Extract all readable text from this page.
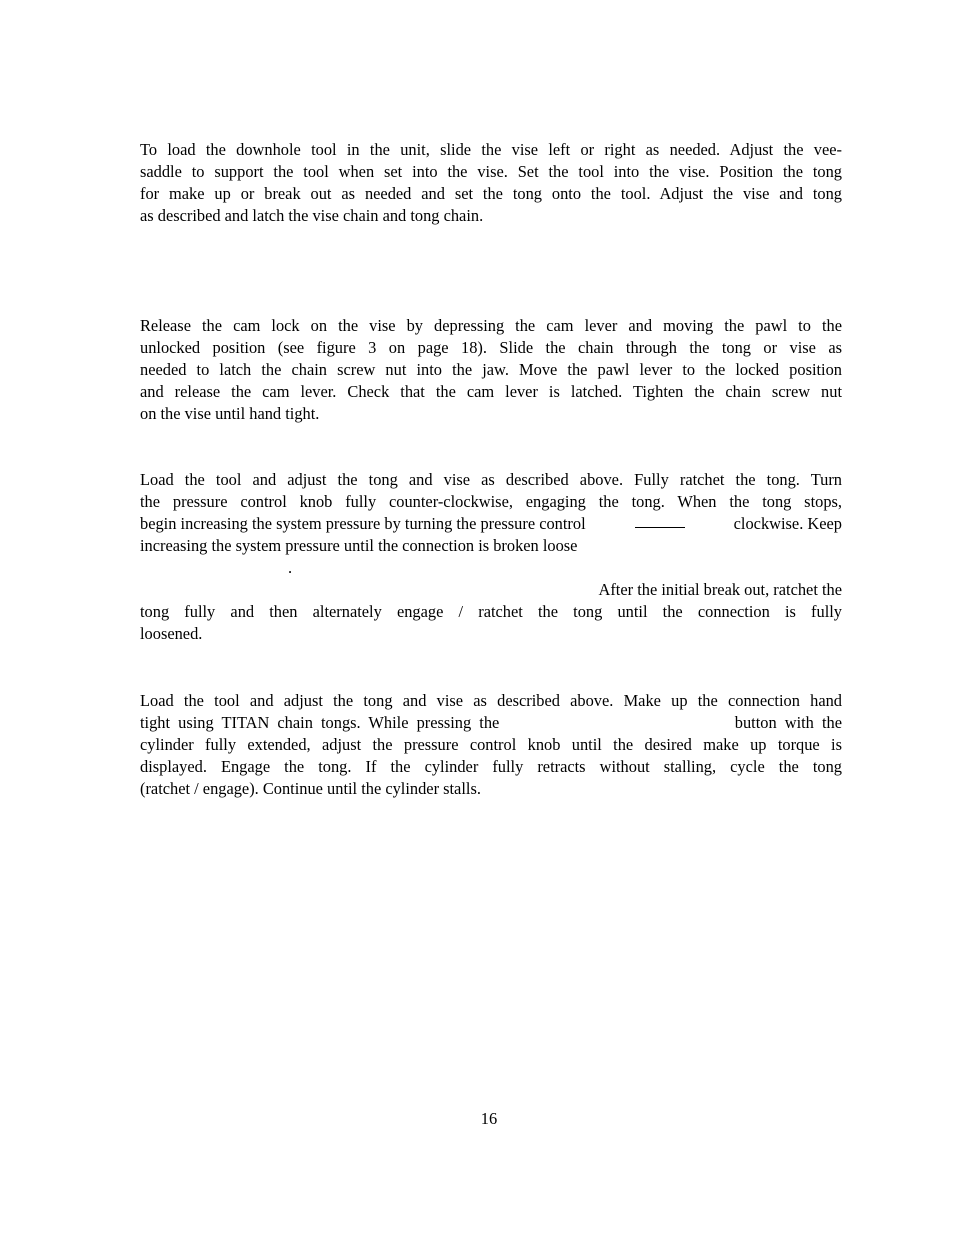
To load the downhole tool in the unit, slide the vise left or right as needed. Adjust the vee-
saddle to support the tool when set into the vise. Set the tool into the vise. Position the tong
for make up or break out as needed and set the tong onto the tool. Adjust the vise and tong
as described and latch the vise chain and tong chain.
Release the cam lock on the vise by depressing the cam lever and moving the pawl to the
unlocked position (see figure 3 on page 18). Slide the chain through the tong or vise as
needed to latch the chain screw nut into the jaw. Move the pawl lever to the locked position
and release the cam lever. Check that the cam lever is latched. Tighten the chain screw nut
on the vise until hand tight.
Load the tool and adjust the tong and vise as described above. Fully ratchet the tong. Turn
the pressure control knob fully counter-clockwise, engaging the tong. When the tong stops,
begin increasing the system pressure by turning the pressure control	clockwise. Keep
increasing the system pressure until the connection is broken loose
.
After the initial break out, ratchet the
tong fully and then alternately engage / ratchet the tong until the connection is fully
loosened.
Load the tool and adjust the tong and vise as described above. Make up the connection hand
tight using TITAN chain tongs. While pressing the	button with the
cylinder fully extended, adjust the pressure control knob until the desired make up torque is
displayed. Engage the tong. If the cylinder fully retracts without stalling, cycle the tong
(ratchet / engage). Continue until the cylinder stalls.
16
